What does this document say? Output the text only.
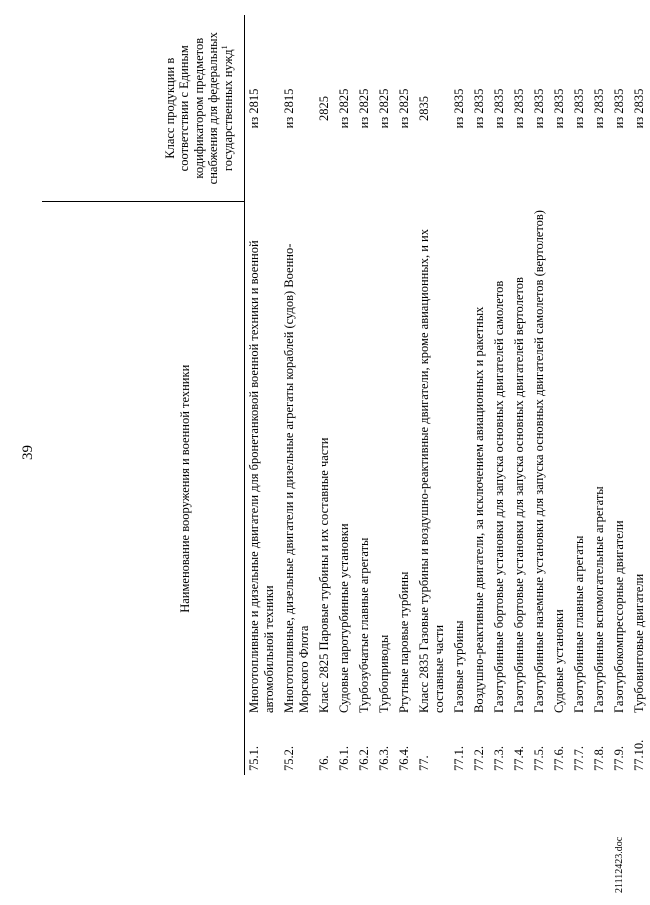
39	Наименование вооружения и военной техники		Класс продукции в соответствии с Единым кодификатором предметов снабжения для федеральных государственных нужд$^1$
75.1.	Многотопливные и дизельные двигатели для бронетанковой военной техники и военной автомобильной техники	из 2815
75.2.	Многотопливные, дизельные двигатели и дизельные агрегаты кораблей (судов) Военно-Морского Флота	из 2815
76.	Класс 2825 Паровые турбины и их составные части	2825
76.1.	Судовые паротурбинные установки	из 2825
76.2.	Турбозубчатые главные агрегаты	из 2825
76.3.	Турбоприводы	из 2825
76.4.	Ртутные паровые турбины	из 2825
77.	Класс 2835 Газовые турбины и воздушно-реактивные двигатели, кроме авиационных, и их составные части	2835
77.1.	Газовые турбины	из 2835
77.2.	Воздушно-реактивные двигатели, за исключением авиационных и ракетных	из 2835
77.3.	Газотурбинные бортовые установки для запуска основных двигателей самолетов	из 2835
77.4.	Газотурбинные бортовые установки для запуска основных двигателей вертолетов	из 2835
77.5.	Газотурбинные наземные установки для запуска основных двигателей самолетов (вертолетов)	из 2835
77.6.	Судовые установки	из 2835
77.7.	Газотурбинные главные агрегаты	из 2835
77.8.	Газотурбинные вспомогательные агрегаты	из 2835
77.9.	Газотурбокомпрессорные двигатели	из 2835
77.10.	Турбовинтовые двигатели	из 2835
21112423.doc
